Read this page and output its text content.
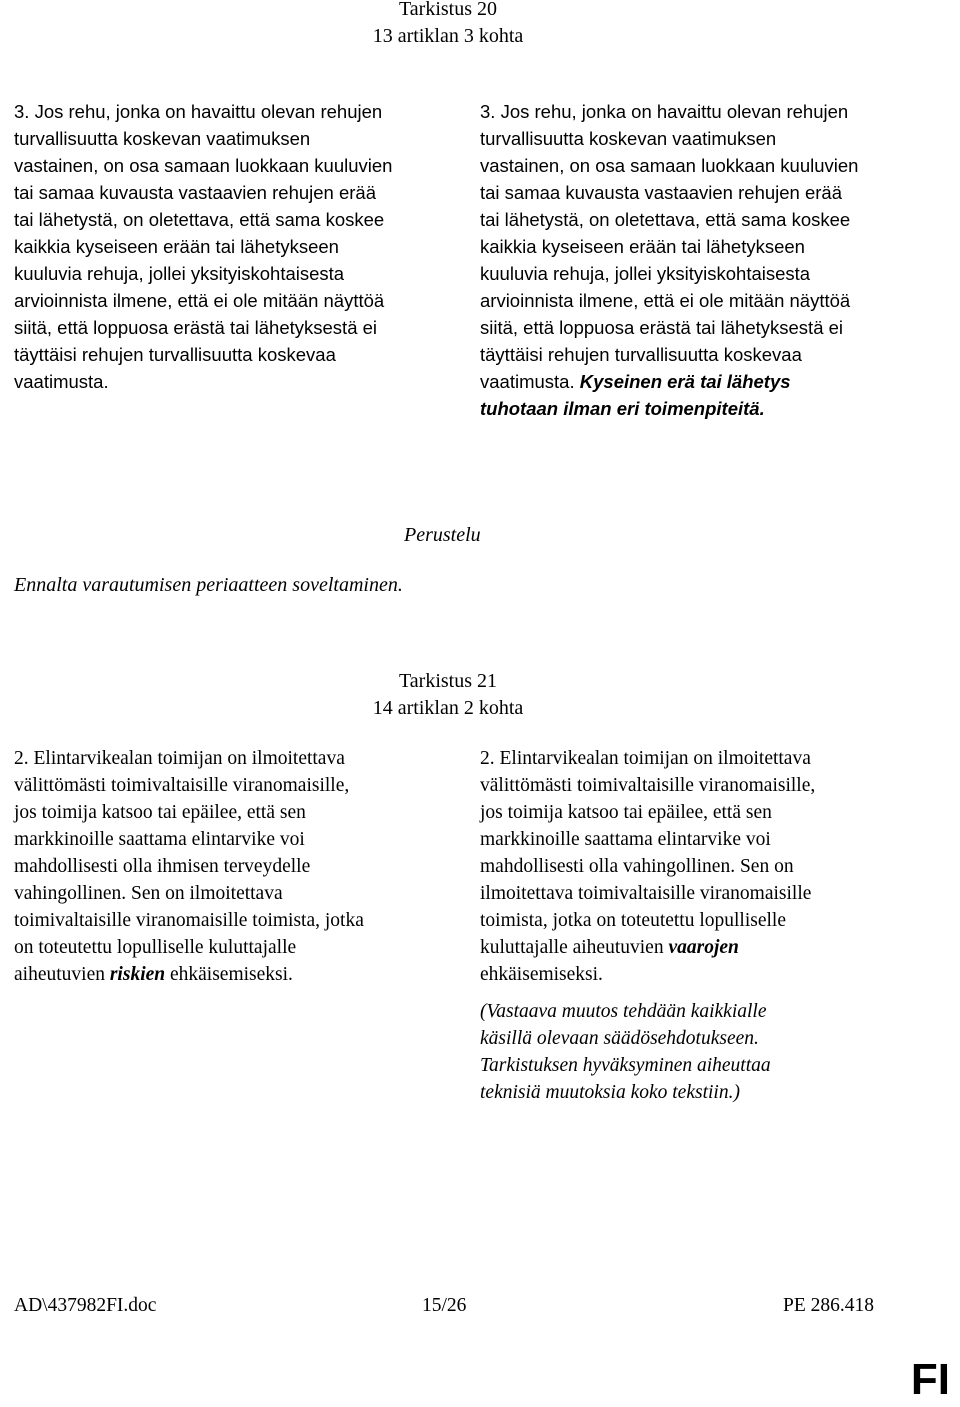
Tarkistus 20
13 artiklan 3 kohta
3. Jos rehu, jonka on havaittu olevan rehujen
turvallisuutta koskevan vaatimuksen
vastainen, on osa samaan luokkaan kuuluvien
tai samaa kuvausta vastaavien rehujen erää
tai lähetystä, on oletettava, että sama koskee
kaikkia kyseiseen erään tai lähetykseen
kuuluvia rehuja, jollei yksityiskohtaisesta
arvioinnista ilmene, että ei ole mitään näyttöä
siitä, että loppuosa erästä tai lähetyksestä ei
täyttäisi rehujen turvallisuutta koskevaa
vaatimusta.
3. Jos rehu, jonka on havaittu olevan rehujen
turvallisuutta koskevan vaatimuksen
vastainen, on osa samaan luokkaan kuuluvien
tai samaa kuvausta vastaavien rehujen erää
tai lähetystä, on oletettava, että sama koskee
kaikkia kyseiseen erään tai lähetykseen
kuuluvia rehuja, jollei yksityiskohtaisesta
arvioinnista ilmene, että ei ole mitään näyttöä
siitä, että loppuosa erästä tai lähetyksestä ei
täyttäisi rehujen turvallisuutta koskevaa
vaatimusta. Kyseinen erä tai lähetys
tuhotaan ilman eri toimenpiteitä.
Perustelu
Ennalta varautumisen periaatteen soveltaminen.
Tarkistus 21
14 artiklan 2 kohta
2. Elintarvikealan toimijan on ilmoitettava
välittömästi toimivaltaisille viranomaisille,
jos toimija katsoo tai epäilee, että sen
markkinoille saattama elintarvike voi
mahdollisesti olla ihmisen terveydelle
vahingollinen. Sen on ilmoitettava
toimivaltaisille viranomaisille toimista, jotka
on toteutettu lopulliselle kuluttajalle
aiheutuvien riskien ehkäisemiseksi.
2. Elintarvikealan toimijan on ilmoitettava
välittömästi toimivaltaisille viranomaisille,
jos toimija katsoo tai epäilee, että sen
markkinoille saattama elintarvike voi
mahdollisesti olla vahingollinen. Sen on
ilmoitettava toimivaltaisille viranomaisille
toimista, jotka on toteutettu lopulliselle
kuluttajalle aiheutuvien vaarojen
ehkäisemiseksi.
(Vastaava muutos tehdään kaikkialle
käsillä olevaan säädösehdotukseen.
Tarkistuksen hyväksyminen aiheuttaa
teknisiä muutoksia koko tekstiin.)
AD\437982FI.doc	15/26	PE 286.418
FI
